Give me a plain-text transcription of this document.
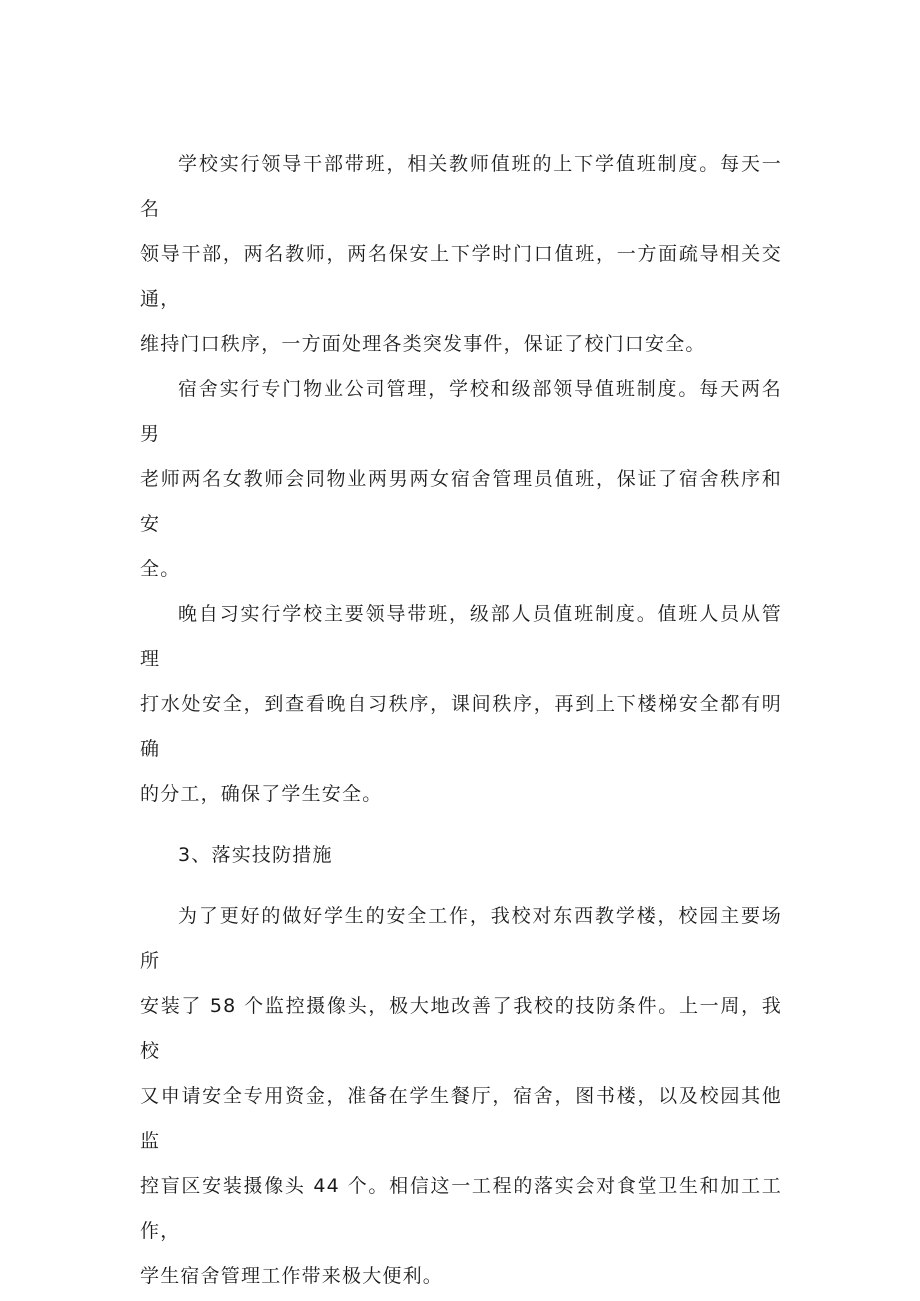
学校实行领导干部带班，相关教师值班的上下学值班制度。每天一名
领导干部，两名教师，两名保安上下学时门口值班，一方面疏导相关交通，
维持门口秩序，一方面处理各类突发事件，保证了校门口安全。

宿舍实行专门物业公司管理，学校和级部领导值班制度。每天两名男
老师两名女教师会同物业两男两女宿舍管理员值班，保证了宿舍秩序和安
全。

晚自习实行学校主要领导带班，级部人员值班制度。值班人员从管理
打水处安全，到查看晚自习秩序，课间秩序，再到上下楼梯安全都有明确
的分工，确保了学生安全。

3、落实技防措施

为了更好的做好学生的安全工作，我校对东西教学楼，校园主要场所
安装了 58 个监控摄像头，极大地改善了我校的技防条件。上一周，我校
又申请安全专用资金，准备在学生餐厅，宿舍，图书楼，以及校园其他监
控盲区安装摄像头 44 个。相信这一工程的落实会对食堂卫生和加工工作，
学生宿舍管理工作带来极大便利。
